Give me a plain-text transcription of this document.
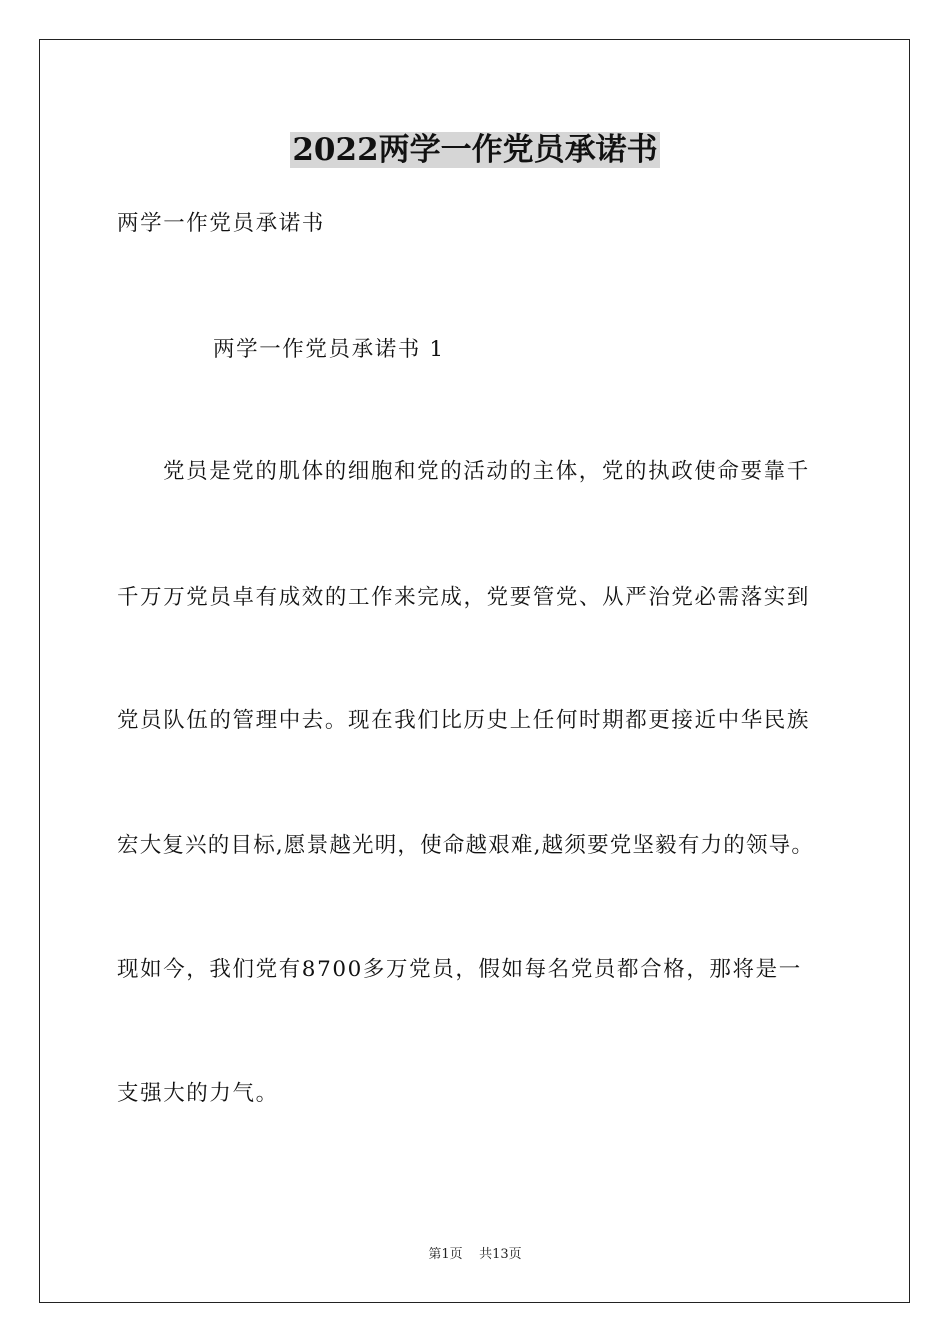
2022两学一作党员承诺书
两学一作党员承诺书
两学一作党员承诺书 1
党员是党的肌体的细胞和党的活动的主体，党的执政使命要靠千
千万万党员卓有成效的工作来完成，党要管党、从严治党必需落实到
党员队伍的管理中去。现在我们比历史上任何时期都更接近中华民族
宏大复兴的目标,愿景越光明，使命越艰难,越须要党坚毅有力的领导。
现如今，我们党有8700多万党员，假如每名党员都合格，那将是一
支强大的力气。
第1页 共13页
